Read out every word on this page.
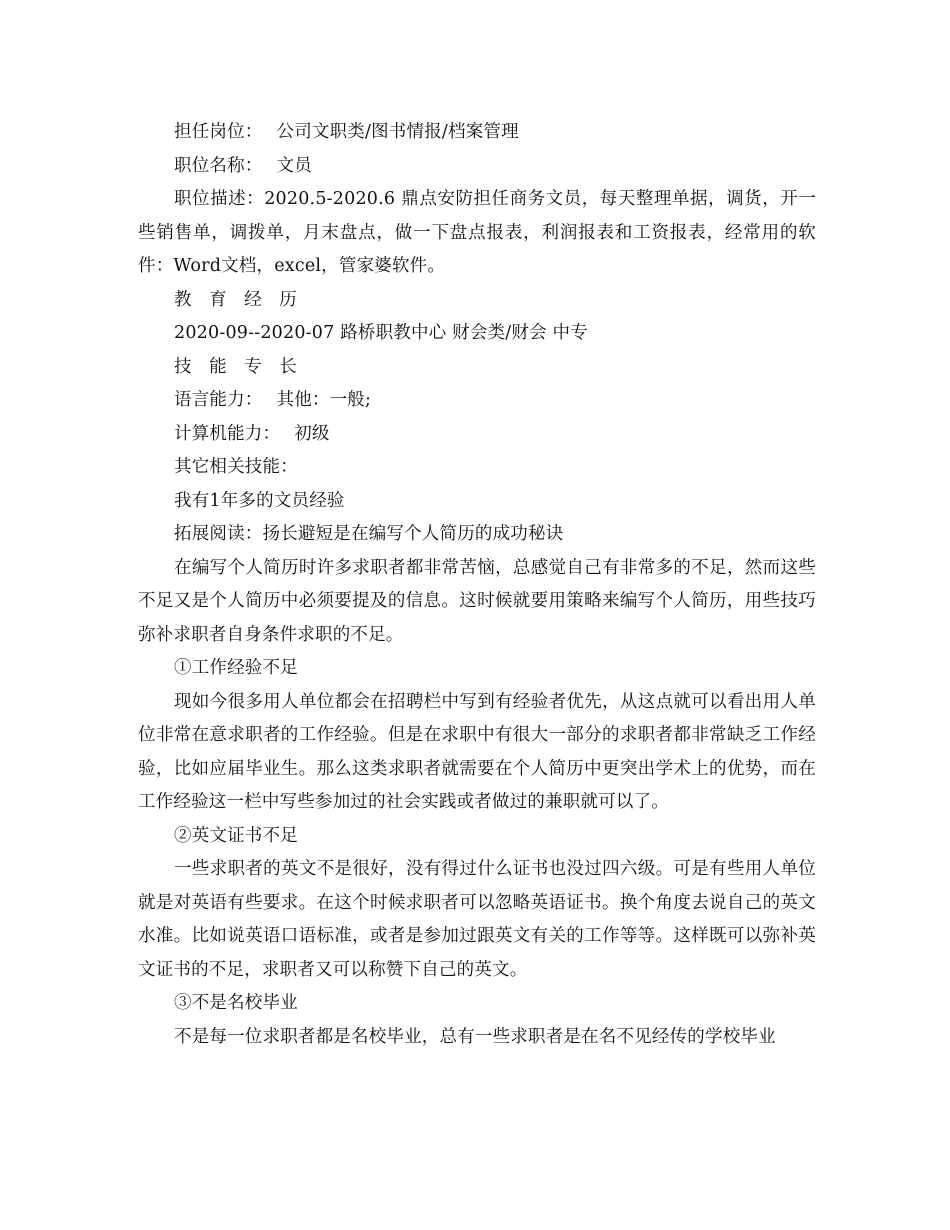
担任岗位： 公司文职类/图书情报/档案管理

职位名称： 文员

职位描述：2020.5-2020.6 鼎点安防担任商务文员，每天整理单据，调货，开一些销售单，调拨单，月末盘点，做一下盘点报表，利润报表和工资报表，经常用的软件：Word文档，excel，管家婆软件。

教 育 经 历

2020-09--2020-07 路桥职教中心 财会类/财会 中专

技 能 专 长

语言能力： 其他：一般;

计算机能力： 初级

其它相关技能：

我有1年多的文员经验

拓展阅读：扬长避短是在编写个人简历的成功秘诀

在编写个人简历时许多求职者都非常苦恼，总感觉自己有非常多的不足，然而这些不足又是个人简历中必须要提及的信息。这时候就要用策略来编写个人简历，用些技巧弥补求职者自身条件求职的不足。

①工作经验不足

现如今很多用人单位都会在招聘栏中写到有经验者优先，从这点就可以看出用人单位非常在意求职者的工作经验。但是在求职中有很大一部分的求职者都非常缺乏工作经验，比如应届毕业生。那么这类求职者就需要在个人简历中更突出学术上的优势，而在工作经验这一栏中写些参加过的社会实践或者做过的兼职就可以了。

②英文证书不足

一些求职者的英文不是很好，没有得过什么证书也没过四六级。可是有些用人单位就是对英语有些要求。在这个时候求职者可以忽略英语证书。换个角度去说自己的英文水准。比如说英语口语标准，或者是参加过跟英文有关的工作等等。这样既可以弥补英文证书的不足，求职者又可以称赞下自己的英文。

③不是名校毕业

不是每一位求职者都是名校毕业，总有一些求职者是在名不见经传的学校毕业
